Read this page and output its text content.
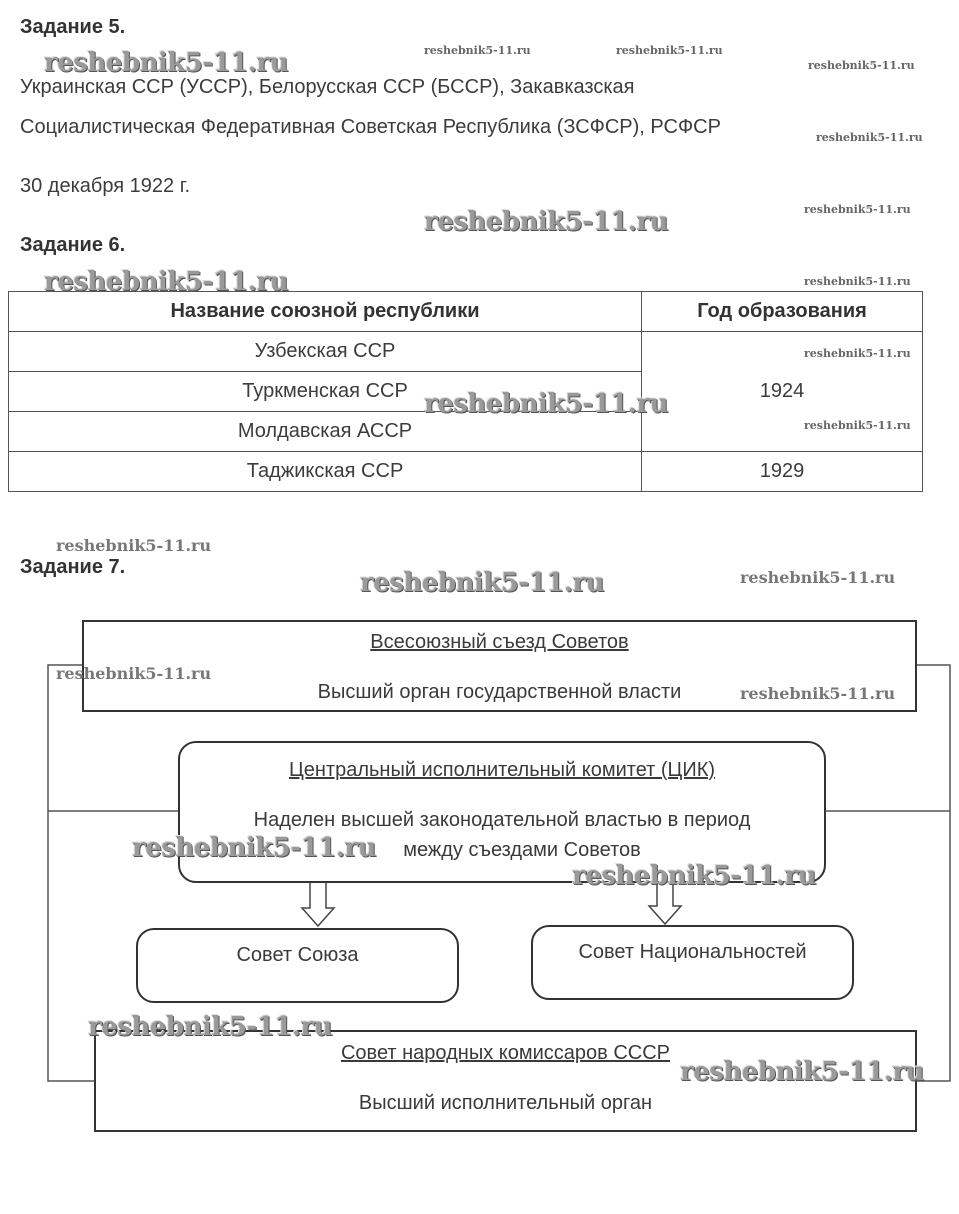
Задание 5.
Украинская ССР (УССР), Белорусская ССР (БССР), Закавказская
Социалистическая Федеративная Советская Республика (ЗСФСР), РСФСР
30 декабря 1922 г.
Задание 6.
Название союзной республики	Год образования
Узбекская ССР	1924
Туркменская ССР	
Молдавская АССР	
Таджикская ССР	1929
Задание 7.
Всесоюзный съезд Советов
Высший орган государственной власти
Центральный исполнительный комитет (ЦИК)
Наделен высшей законодательной властью в период
между съездами Советов
Совет Союза	Совет Национальностей
Совет народных комиссаров СССР
Высший исполнительный орган
reshebnik5-11.ru	reshebnik5-11.ru	reshebnik5-11.ru
reshebnik5-11.ru
reshebnik5-11.ru
reshebnik5-11.ru
reshebnik5-11.ru
reshebnik5-11.ru	reshebnik5-11.ru
reshebnik5-11.ru
reshebnik5-11.ru
reshebnik5-11.ru
reshebnik5-11.ru
reshebnik5-11.ru	reshebnik5-11.ru
reshebnik5-11.ru
reshebnik5-11.ru
reshebnik5-11.ru
reshebnik5-11.ru
reshebnik5-11.ru
reshebnik5-11.ru
